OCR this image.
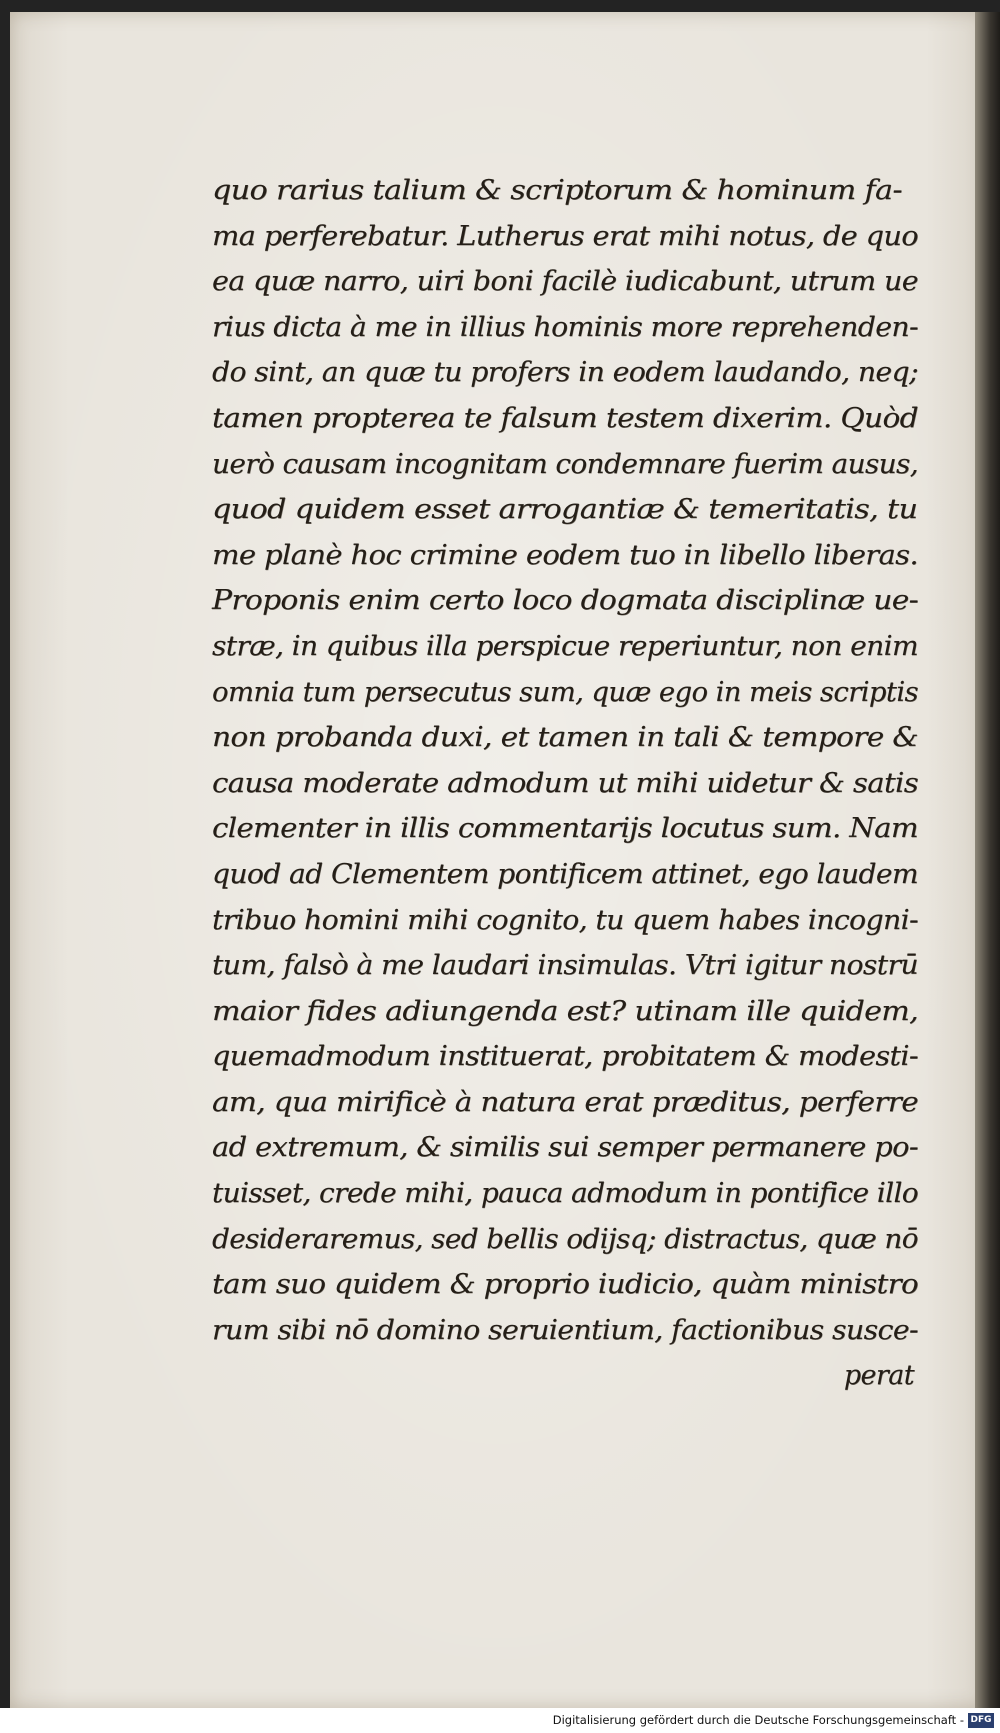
quo rarius talium & scriptorum & hominum fa-
ma perferebatur. Lutherus erat mihi notus, de quo
ea quæ narro, uiri boni facilè iudicabunt, utrum ue
rius dicta à me in illius hominis more reprehenden-
do sint, an quæ tu profers in eodem laudando, neq;
tamen propterea te falsum testem dixerim. Quòd
uerò causam incognitam condemnare fuerim ausus,
quod quidem esset arrogantiæ & temeritatis, tu
me planè hoc crimine eodem tuo in libello liberas.
Proponis enim certo loco dogmata disciplinæ ue-
stræ, in quibus illa perspicue reperiuntur, non enim
omnia tum persecutus sum, quæ ego in meis scriptis
non probanda duxi, et tamen in tali & tempore &
causa moderate admodum ut mihi uidetur & satis
clementer in illis commentarijs locutus sum. Nam
quod ad Clementem pontificem attinet, ego laudem
tribuo homini mihi cognito, tu quem habes incogni-
tum, falsò à me laudari insimulas. Vtri igitur nostrū
maior fides adiungenda est? utinam ille quidem,
quemadmodum instituerat, probitatem & modesti-
am, qua mirificè à natura erat præditus, perferre
ad extremum, & similis sui semper permanere po-
tuisset, crede mihi, pauca admodum in pontifice illo
desideraremus, sed bellis odijsq; distractus, quæ nō
tam suo quidem & proprio iudicio, quàm ministro
rum sibi nō domino seruientium, factionibus susce-
perat
Digitalisierung gefördert durch die Deutsche Forschungsgemeinschaft - DFG
